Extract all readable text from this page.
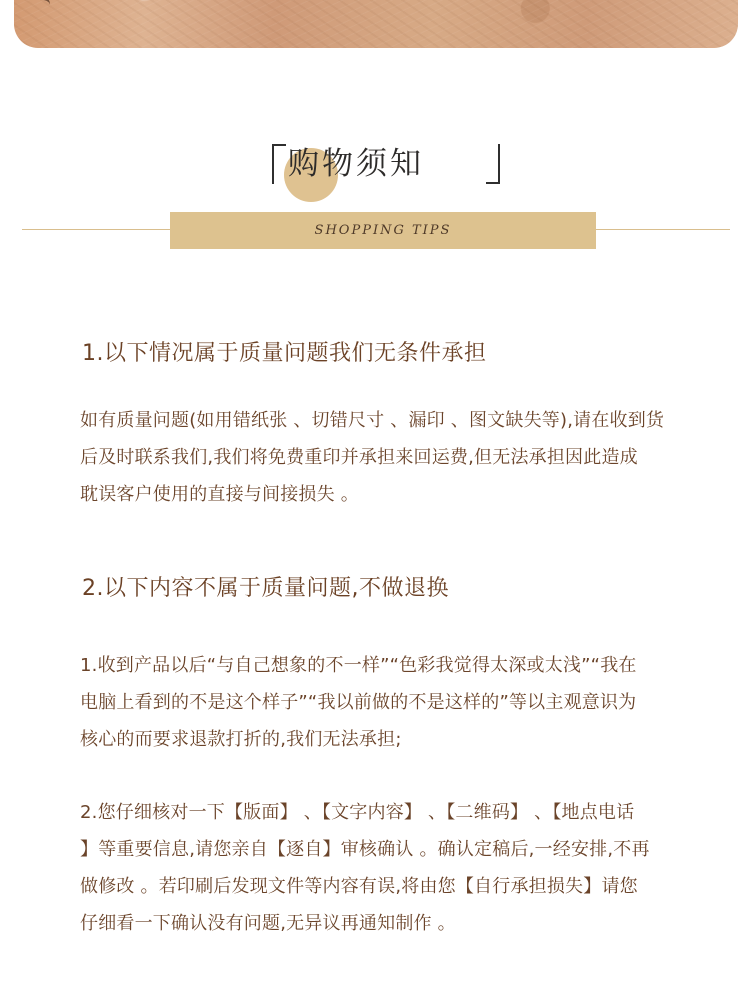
购物须知
SHOPPING TIPS
1.以下情况属于质量问题我们无条件承担
如有质量问题(如用错纸张 、切错尺寸 、漏印 、图文缺失等),请在收到货
后及时联系我们,我们将免费重印并承担来回运费,但无法承担因此造成
耽误客户使用的直接与间接损失 。
2.以下内容不属于质量问题,不做退换
1.收到产品以后“与自己想象的不一样”“色彩我觉得太深或太浅”“我在
电脑上看到的不是这个样子”“我以前做的不是这样的”等以主观意识为
核心的而要求退款打折的,我们无法承担;
2.您仔细核对一下【版面】 、【文字内容】 、【二维码】 、【地点电话
】等重要信息,请您亲自【逐自】审核确认 。确认定稿后,一经安排,不再
做修改 。若印刷后发现文件等内容有误,将由您【自行承担损失】请您
仔细看一下确认没有问题,无异议再通知制作 。
